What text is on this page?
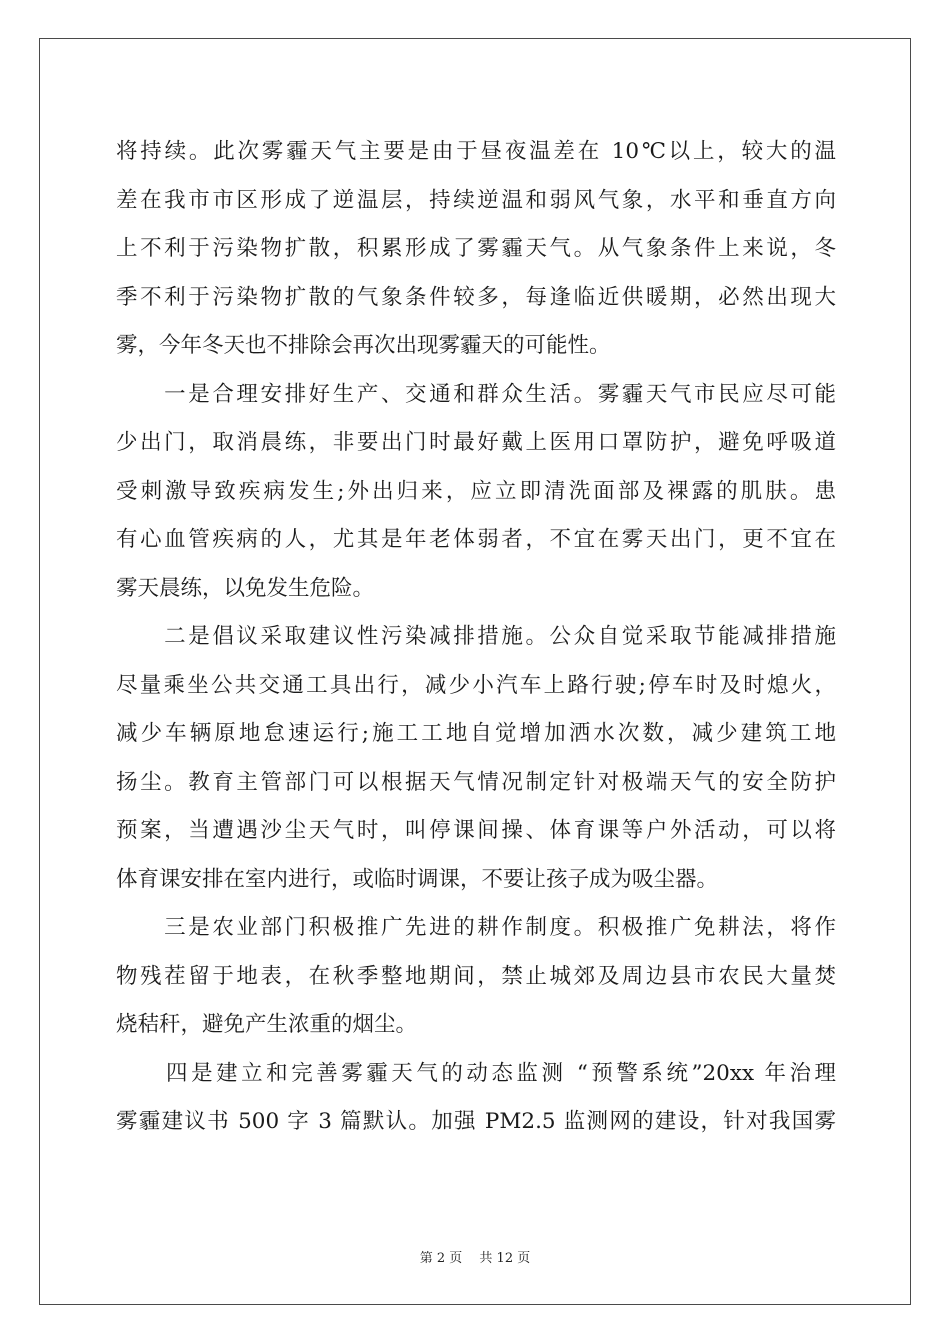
将持续。此次雾霾天气主要是由于昼夜温差在 10℃以上，较大的温
差在我市市区形成了逆温层，持续逆温和弱风气象，水平和垂直方向
上不利于污染物扩散，积累形成了雾霾天气。从气象条件上来说，冬
季不利于污染物扩散的气象条件较多，每逢临近供暖期，必然出现大
雾，今年冬天也不排除会再次出现雾霾天的可能性。
　　一是合理安排好生产、交通和群众生活。雾霾天气市民应尽可能
少出门，取消晨练，非要出门时最好戴上医用口罩防护，避免呼吸道
受刺激导致疾病发生;外出归来，应立即清洗面部及裸露的肌肤。患
有心血管疾病的人，尤其是年老体弱者，不宜在雾天出门，更不宜在
雾天晨练，以免发生危险。
　　二是倡议采取建议性污染减排措施。公众自觉采取节能减排措施
尽量乘坐公共交通工具出行，减少小汽车上路行驶;停车时及时熄火，
减少车辆原地怠速运行;施工工地自觉增加洒水次数，减少建筑工地
扬尘。教育主管部门可以根据天气情况制定针对极端天气的安全防护
预案，当遭遇沙尘天气时，叫停课间操、体育课等户外活动，可以将
体育课安排在室内进行，或临时调课，不要让孩子成为吸尘器。
　　三是农业部门积极推广先进的耕作制度。积极推广免耕法，将作
物残茬留于地表，在秋季整地期间，禁止城郊及周边县市农民大量焚
烧秸秆，避免产生浓重的烟尘。
　　四是建立和完善雾霾天气的动态监测 “预警系统”20xx 年治理
雾霾建议书 500 字 3 篇默认。加强 PM2.5 监测网的建设，针对我国雾
第 2 页　 共 12 页
